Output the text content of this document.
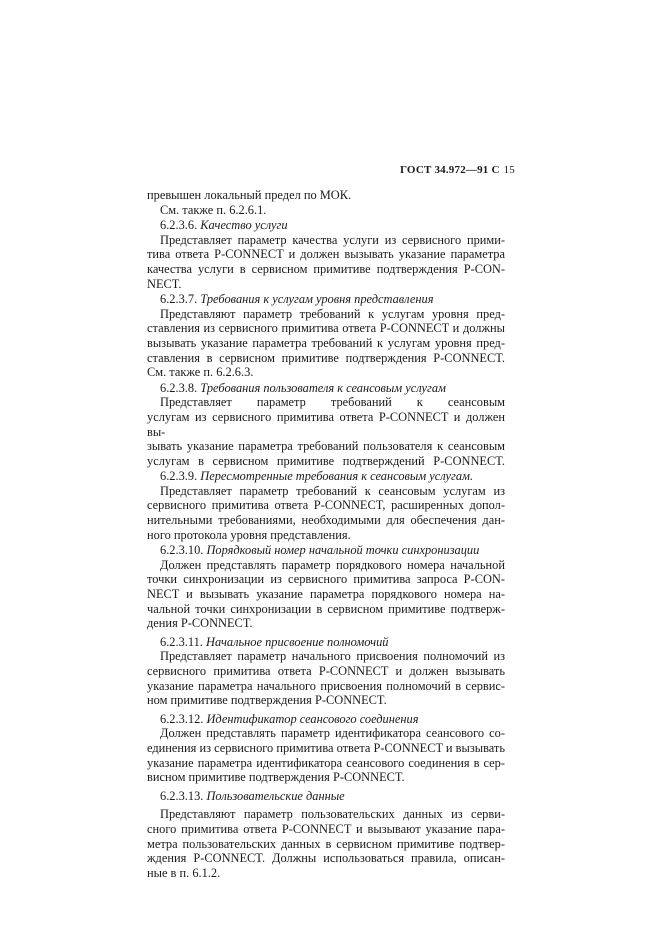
ГОСТ 34.972—91 С 15
превышен локальный предел по МОК.
См. также п. 6.2.6.1.
6.2.3.6. Качество услуги
Представляет параметр качества услуги из сервисного прими-
тива ответа P-CONNECT и должен вызывать указание параметра
качества услуги в сервисном примитиве подтверждения P-CON-
NECT.
6.2.3.7. Требования к услугам уровня представления
Представляют параметр требований к услугам уровня пред-
ставления из сервисного примитива ответа P-CONNECT и должны
вызывать указание параметра требований к услугам уровня пред-
ставления в сервисном примитиве подтверждения P-CONNECT.
См. также п. 6.2.6.3.
6.2.3.8. Требования пользователя к сеансовым услугам
Представляет параметр требований к сеансовым
услугам из сервисного примитива ответа P-CONNECT и должен вы-
зывать указание параметра требований пользователя к сеансовым
услугам в сервисном примитиве подтверждений P-CONNECT.
6.2.3.9. Пересмотренные требования к сеансовым услугам.
Представляет параметр требований к сеансовым услугам из
сервисного примитива ответа P-CONNECT, расширенных допол-
нительными требованиями, необходимыми для обеспечения дан-
ного протокола уровня представления.
6.2.3.10. Порядковый номер начальной точки синхронизации
Должен представлять параметр порядкового номера начальной
точки синхронизации из сервисного примитива запроса P-CON-
NECT и вызывать указание параметра порядкового номера на-
чальной точки синхронизации в сервисном примитиве подтверж-
дения P-CONNECT.
6.2.3.11. Начальное присвоение полномочий
Представляет параметр начального присвоения полномочий из
сервисного примитива ответа P-CONNECT и должен вызывать
указание параметра начального присвоения полномочий в сервис-
ном примитиве подтверждения P-CONNECT.
6.2.3.12. Идентификатор сеансового соединения
Должен представлять параметр идентификатора сеансового со-
единения из сервисного примитива ответа P-CONNECT и вызывать
указание параметра идентификатора сеансового соединения в сер-
висном примитиве подтверждения P-CONNECT.
6.2.3.13. Пользовательские данные
Представляют параметр пользовательских данных из серви-
сного примитива ответа P-CONNECT и вызывают указание пара-
метра пользовательских данных в сервисном примитиве подтвер-
ждения P-CONNECT. Должны использоваться правила, описан-
ные в п. 6.1.2.
